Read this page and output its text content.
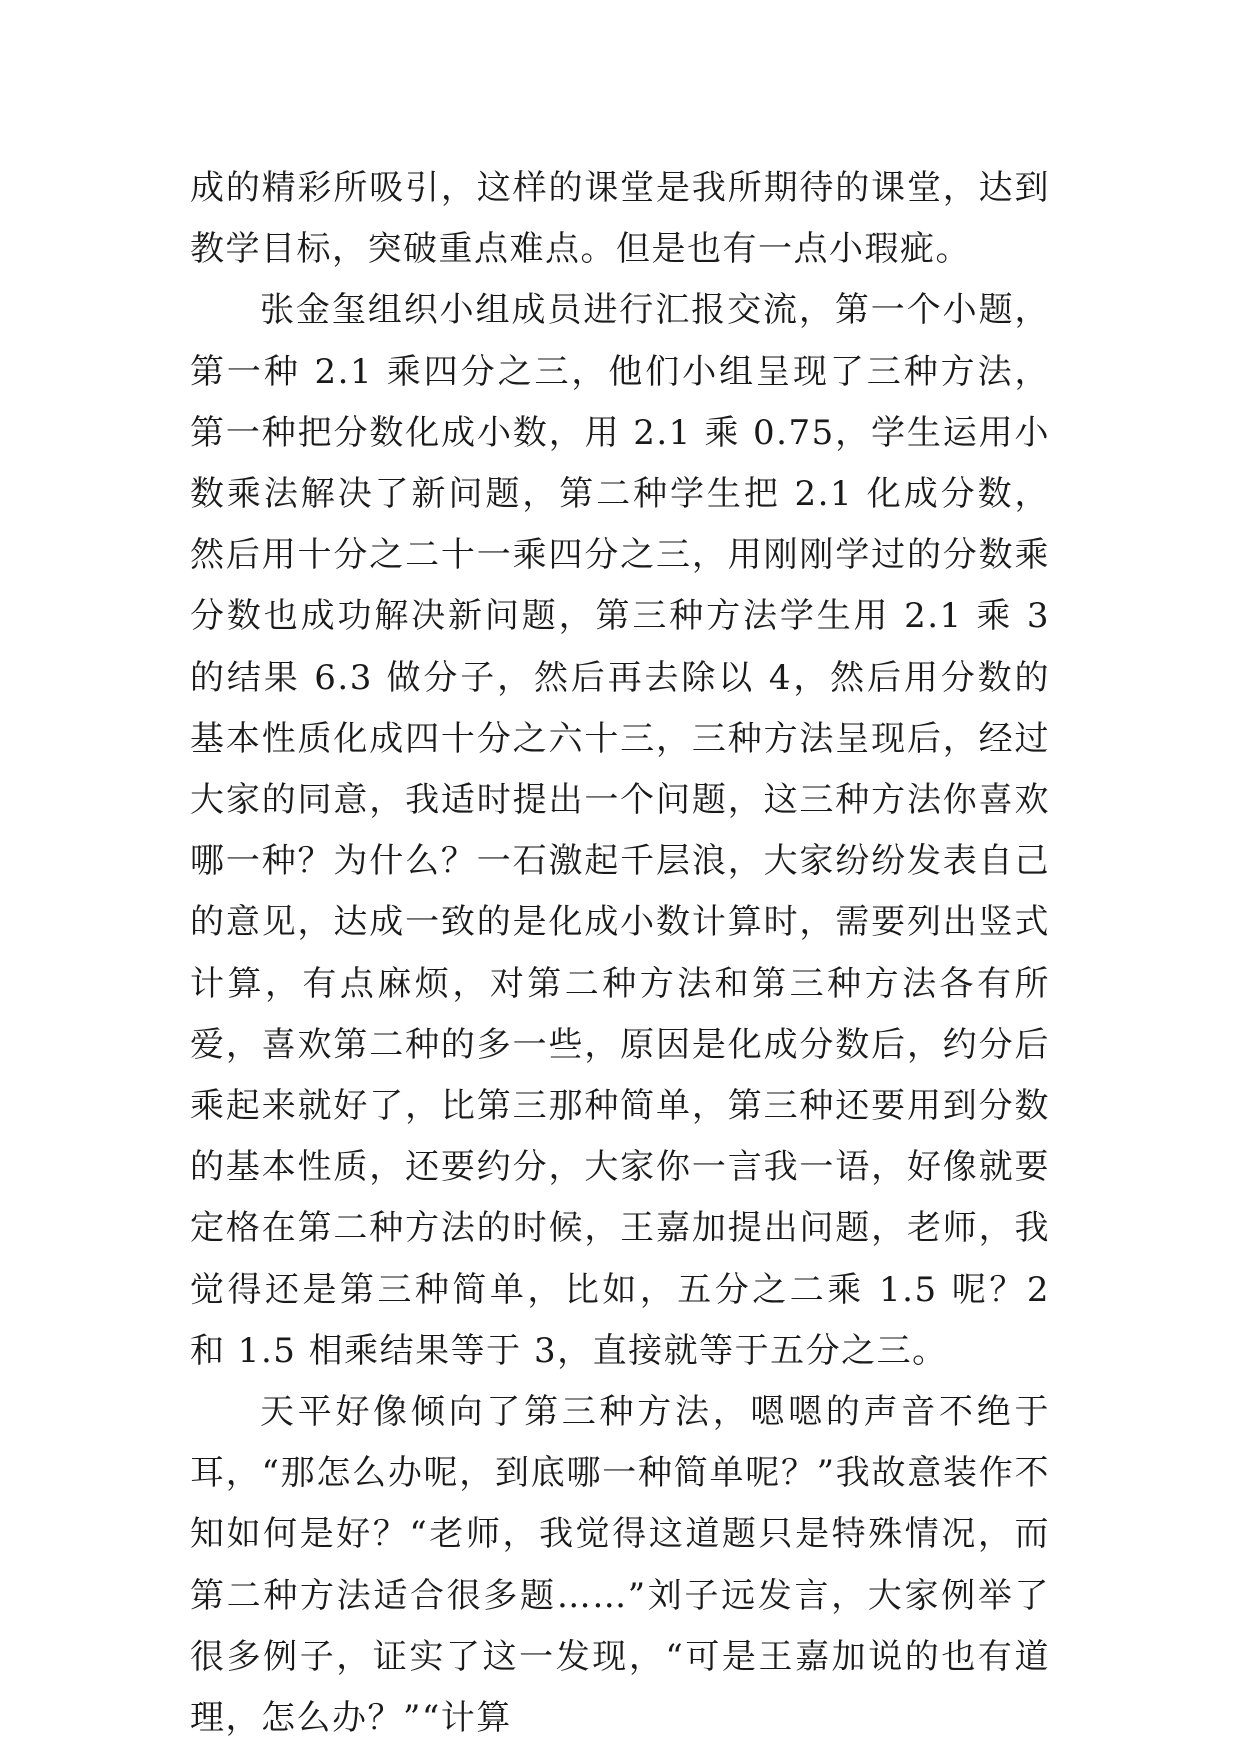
成的精彩所吸引，这样的课堂是我所期待的课堂，达到教学目标，突破重点难点。但是也有一点小瑕疵。

张金玺组织小组成员进行汇报交流，第一个小题，第一种 2.1 乘四分之三，他们小组呈现了三种方法，第一种把分数化成小数，用 2.1 乘 0.75，学生运用小数乘法解决了新问题，第二种学生把 2.1 化成分数，然后用十分之二十一乘四分之三，用刚刚学过的分数乘分数也成功解决新问题，第三种方法学生用 2.1 乘 3 的结果 6.3 做分子，然后再去除以 4，然后用分数的基本性质化成四十分之六十三，三种方法呈现后，经过大家的同意，我适时提出一个问题，这三种方法你喜欢哪一种？为什么？一石激起千层浪，大家纷纷发表自己的意见，达成一致的是化成小数计算时，需要列出竖式计算，有点麻烦，对第二种方法和第三种方法各有所爱，喜欢第二种的多一些，原因是化成分数后，约分后乘起来就好了，比第三那种简单，第三种还要用到分数的基本性质，还要约分，大家你一言我一语，好像就要定格在第二种方法的时候，王嘉加提出问题，老师，我觉得还是第三种简单，比如，五分之二乘 1.5 呢？2 和 1.5 相乘结果等于 3，直接就等于五分之三。

天平好像倾向了第三种方法，嗯嗯的声音不绝于耳，“那怎么办呢，到底哪一种简单呢？”我故意装作不知如何是好？“老师，我觉得这道题只是特殊情况，而第二种方法适合很多题……”刘子远发言，大家例举了很多例子，证实了这一发现，“可是王嘉加说的也有道理，怎么办？”“计算
